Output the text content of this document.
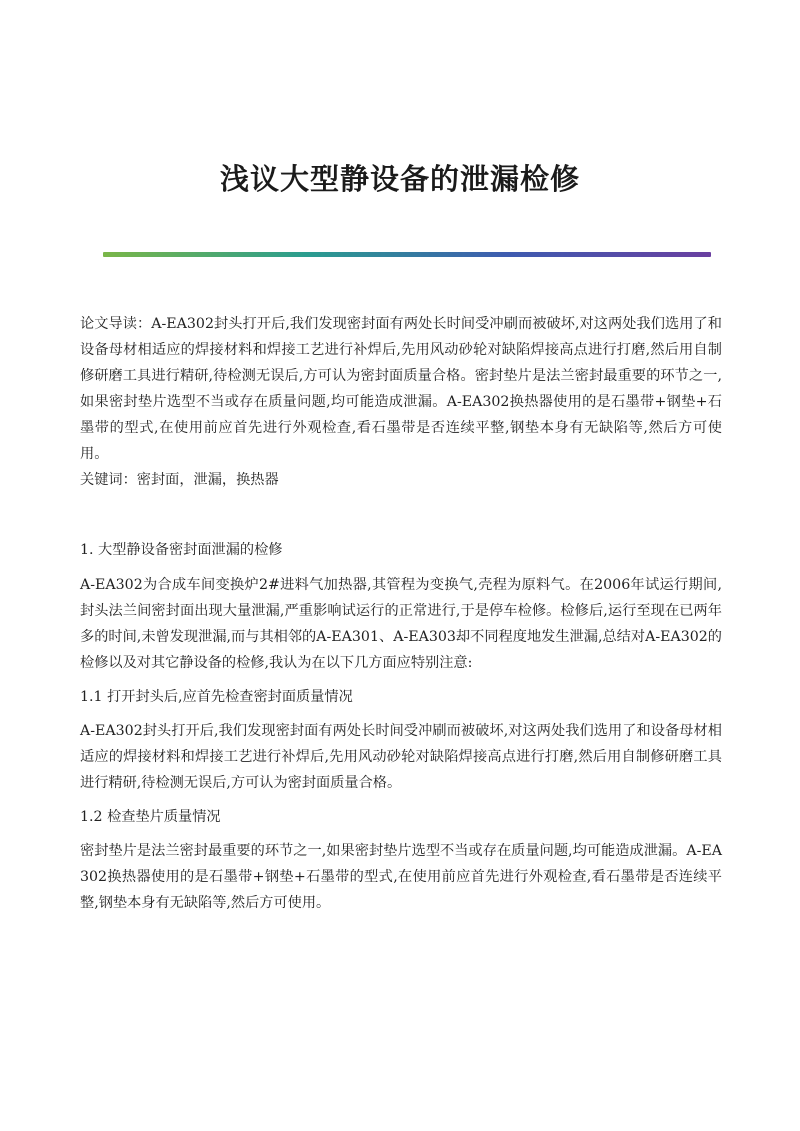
浅议大型静设备的泄漏检修

论文导读：A-EA302封头打开后,我们发现密封面有两处长时间受冲刷而被破坏,对这两处我们选用了和设备母材相适应的焊接材料和焊接工艺进行补焊后,先用风动砂轮对缺陷焊接高点进行打磨,然后用自制修研磨工具进行精研,待检测无误后,方可认为密封面质量合格。密封垫片是法兰密封最重要的环节之一,如果密封垫片选型不当或存在质量问题,均可能造成泄漏。A-EA302换热器使用的是石墨带+钢垫+石墨带的型式,在使用前应首先进行外观检查,看石墨带是否连续平整,钢垫本身有无缺陷等,然后方可使用。

关键词：密封面，泄漏，换热器

1. 大型静设备密封面泄漏的检修

A-EA302为合成车间变换炉2#进料气加热器,其管程为变换气,壳程为原料气。在2006年试运行期间,封头法兰间密封面出现大量泄漏,严重影响试运行的正常进行,于是停车检修。检修后,运行至现在已两年多的时间,未曾发现泄漏,而与其相邻的A-EA301、A-EA303却不同程度地发生泄漏,总结对A-EA302的检修以及对其它静设备的检修,我认为在以下几方面应特别注意:

1.1 打开封头后,应首先检查密封面质量情况

A-EA302封头打开后,我们发现密封面有两处长时间受冲刷而被破坏,对这两处我们选用了和设备母材相适应的焊接材料和焊接工艺进行补焊后,先用风动砂轮对缺陷焊接高点进行打磨,然后用自制修研磨工具进行精研,待检测无误后,方可认为密封面质量合格。

1.2 检查垫片质量情况

密封垫片是法兰密封最重要的环节之一,如果密封垫片选型不当或存在质量问题,均可能造成泄漏。A-EA302换热器使用的是石墨带+钢垫+石墨带的型式,在使用前应首先进行外观检查,看石墨带是否连续平整,钢垫本身有无缺陷等,然后方可使用。
